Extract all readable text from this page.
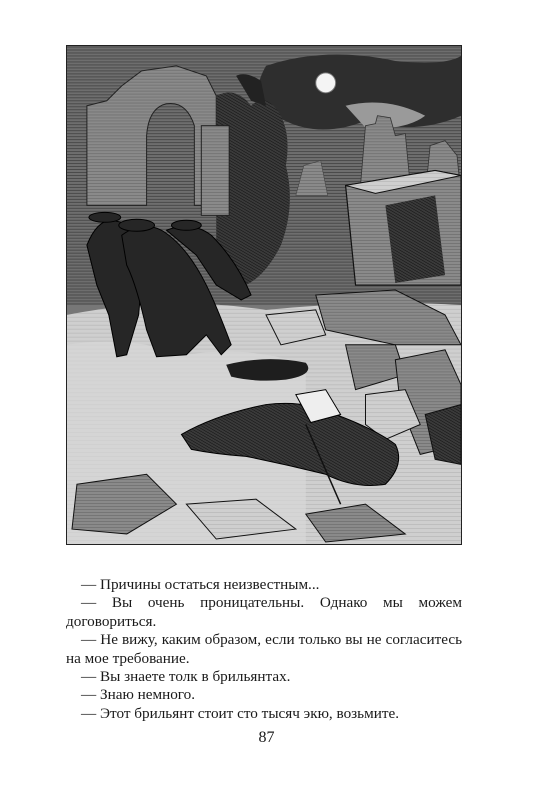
— Причины остаться неизвестным...

— Вы очень проницательны. Однако мы можем договориться.

— Не вижу, каким образом, если только вы не согласитесь на мое требование.

— Вы знаете толк в брильянтах.

— Знаю немного.

— Этот брильянт стоит сто тысяч экю, возьмите.

87
